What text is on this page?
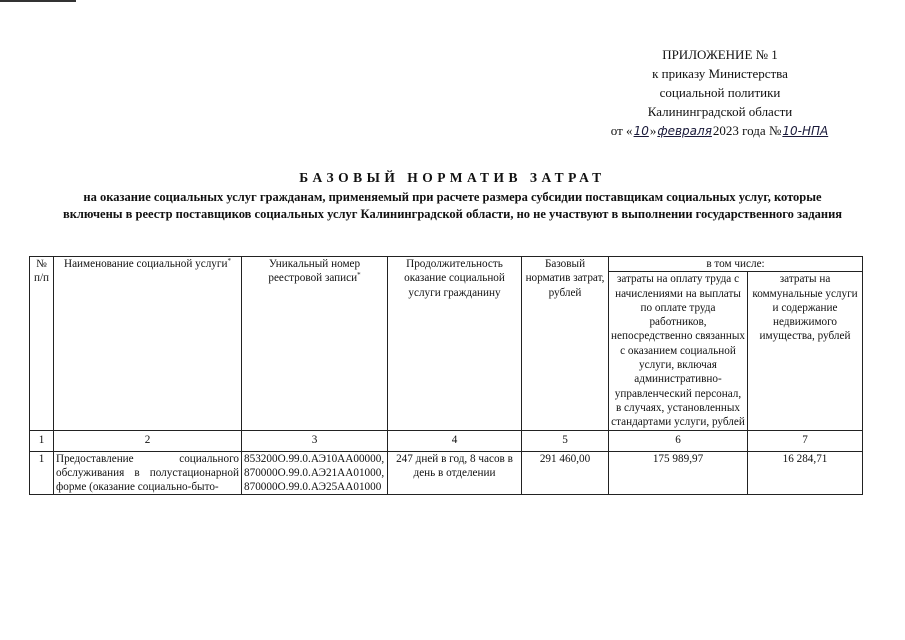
ПРИЛОЖЕНИЕ № 1
к приказу Министерства
социальной политики
Калининградской области
от «10»февраля2023 года №10-НПА
БАЗОВЫЙ НОРМАТИВ ЗАТРАТ
на оказание социальных услуг гражданам, применяемый при расчете размера субсидии поставщикам социальных услуг, которые включены в реестр поставщиков социальных услуг Калининградской области, но не участвуют в выполнении государственного задания
№ п/п	Наименование социальной услуги*	Уникальный номер реестровой записи*	Продолжительность оказание социальной услуги гражданину	Базовый норматив затрат, рублей	в том числе:	
					затраты на оплату труда с начислениями на выплаты по оплате труда работников, непосредственно связанных с оказанием социальной услуги, включая административно-управленческий персонал, в случаях, установленных стандартами услуги, рублей	затраты на коммунальные услуги и содержание недвижимого имущества, рублей
1	2	3	4	5	6	7
1	Предоставление социального обслуживания в полустационарной форме (оказание социально-быто-	853200О.99.0.АЭ10АА00000, 870000О.99.0.АЭ21АА01000, 870000О.99.0.АЭ25АА01000	247 дней в год, 8 часов в день в отделении	291 460,00	175 989,97	16 284,71
